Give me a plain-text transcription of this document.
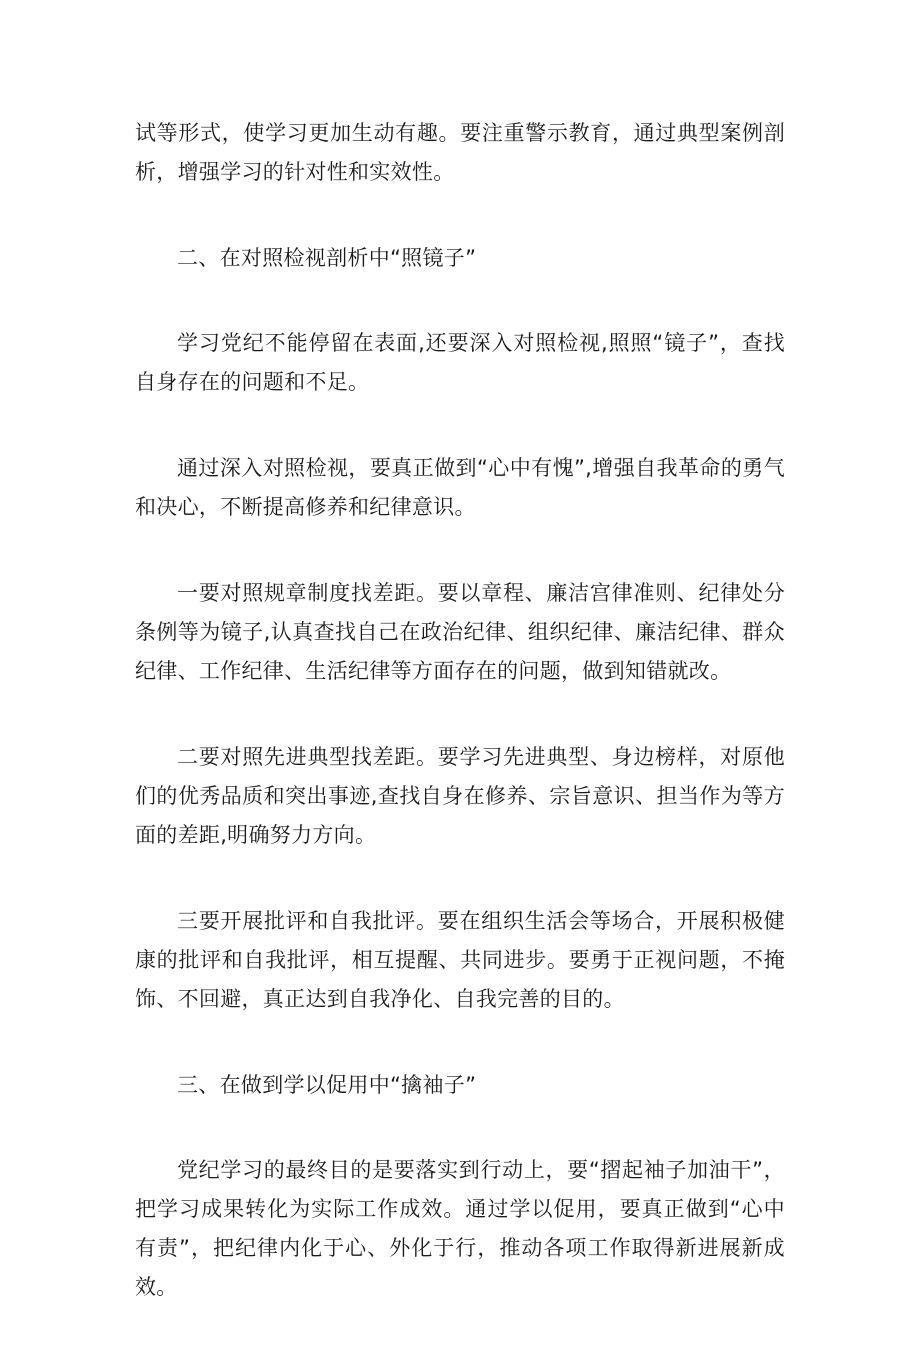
试等形式，使学习更加生动有趣。要注重警示教育，通过典型案例剖析，增强学习的针对性和实效性。

二、在对照检视剖析中“照镜子”

学习党纪不能停留在表面,还要深入对照检视,照照“镜子”，查找自身存在的问题和不足。

通过深入对照检视，要真正做到“心中有愧”,增强自我革命的勇气和决心，不断提高修养和纪律意识。

一要对照规章制度找差距。要以章程、廉洁宫律准则、纪律处分条例等为镜子,认真查找自己在政治纪律、组织纪律、廉洁纪律、群众纪律、工作纪律、生活纪律等方面存在的问题，做到知错就改。

二要对照先进典型找差距。要学习先进典型、身边榜样，对原他们的优秀品质和突出事迹,查找自身在修养、宗旨意识、担当作为等方面的差距,明确努力方向。

三要开展批评和自我批评。要在组织生活会等场合，开展积极健康的批评和自我批评，相互提醒、共同进步。要勇于正视问题，不掩饰、不回避，真正达到自我净化、自我完善的目的。

三、在做到学以促用中“擒袖子”

党纪学习的最终目的是要落实到行动上，要“摺起袖子加油干”，把学习成果转化为实际工作成效。通过学以促用，要真正做到“心中有责”，把纪律内化于心、外化于行，推动各项工作取得新进展新成效。
